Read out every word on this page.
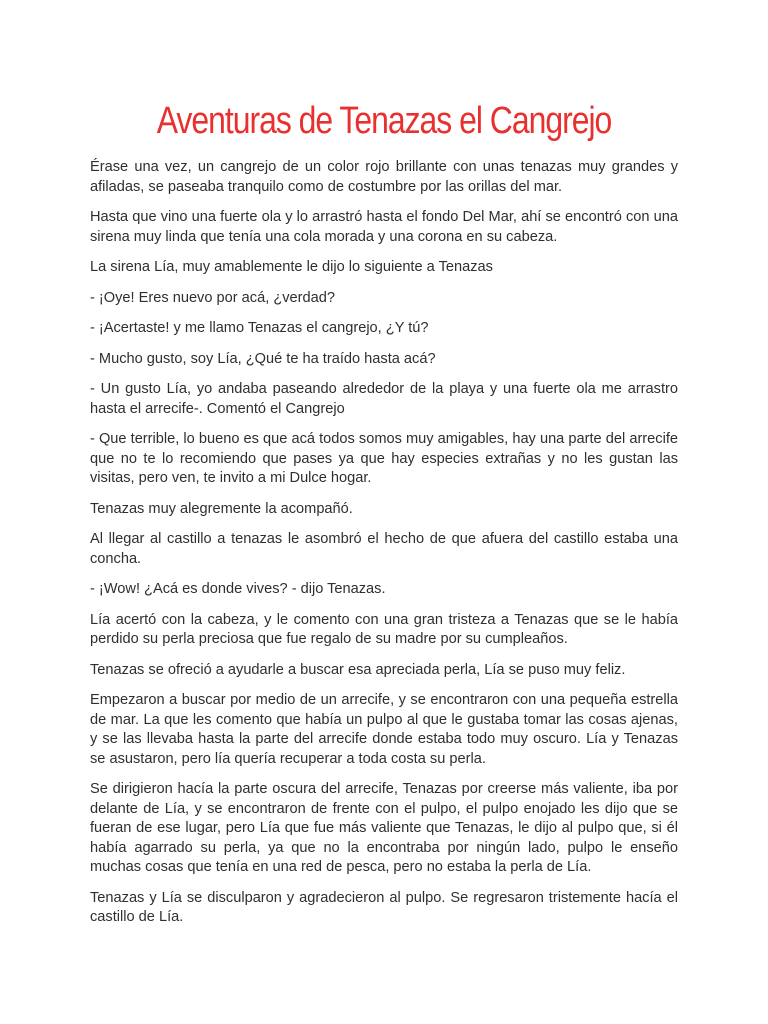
Aventuras de Tenazas el Cangrejo

Érase una vez, un cangrejo de un color rojo brillante con unas tenazas muy grandes y afiladas, se paseaba tranquilo como de costumbre por las orillas del mar.

Hasta que vino una fuerte ola y lo arrastró hasta el fondo Del Mar, ahí se encontró con una sirena muy linda que tenía una cola morada y una corona en su cabeza.

La sirena Lía, muy amablemente le dijo lo siguiente a Tenazas

- ¡Oye! Eres nuevo por acá, ¿verdad?

- ¡Acertaste! y me llamo Tenazas el cangrejo, ¿Y tú?

- Mucho gusto, soy Lía, ¿Qué te ha traído hasta acá?

- Un gusto Lía, yo andaba paseando alrededor de la playa y una fuerte ola me arrastro hasta el arrecife-. Comentó el Cangrejo

- Que terrible, lo bueno es que acá todos somos muy amigables, hay una parte del arrecife que no te lo recomiendo que pases ya que hay especies extrañas y no les gustan las visitas, pero ven, te invito a mi Dulce hogar.

Tenazas muy alegremente la acompañó.

Al llegar al castillo a tenazas le asombró el hecho de que afuera del castillo estaba una concha.

- ¡Wow! ¿Acá es donde vives? - dijo Tenazas.

Lía acertó con la cabeza, y le comento con una gran tristeza a Tenazas que se le había perdido su perla preciosa que fue regalo de su madre por su cumpleaños.

Tenazas se ofreció a ayudarle a buscar esa apreciada perla, Lía se puso muy feliz.

Empezaron a buscar por medio de un arrecife, y se encontraron con una pequeña estrella de mar. La que les comento que había un pulpo al que le gustaba tomar las cosas ajenas, y se las llevaba hasta la parte del arrecife donde estaba todo muy oscuro. Lía y Tenazas se asustaron, pero lía quería recuperar a toda costa su perla.

Se dirigieron hacía la parte oscura del arrecife, Tenazas por creerse más valiente, iba por delante de Lía, y se encontraron de frente con el pulpo, el pulpo enojado les dijo que se fueran de ese lugar, pero Lía que fue más valiente que Tenazas, le dijo al pulpo que, si él había agarrado su perla, ya que no la encontraba por ningún lado, pulpo le enseño muchas cosas que tenía en una red de pesca, pero no estaba la perla de Lía.

Tenazas y Lía se disculparon y agradecieron al pulpo. Se regresaron tristemente hacía el castillo de Lía.
